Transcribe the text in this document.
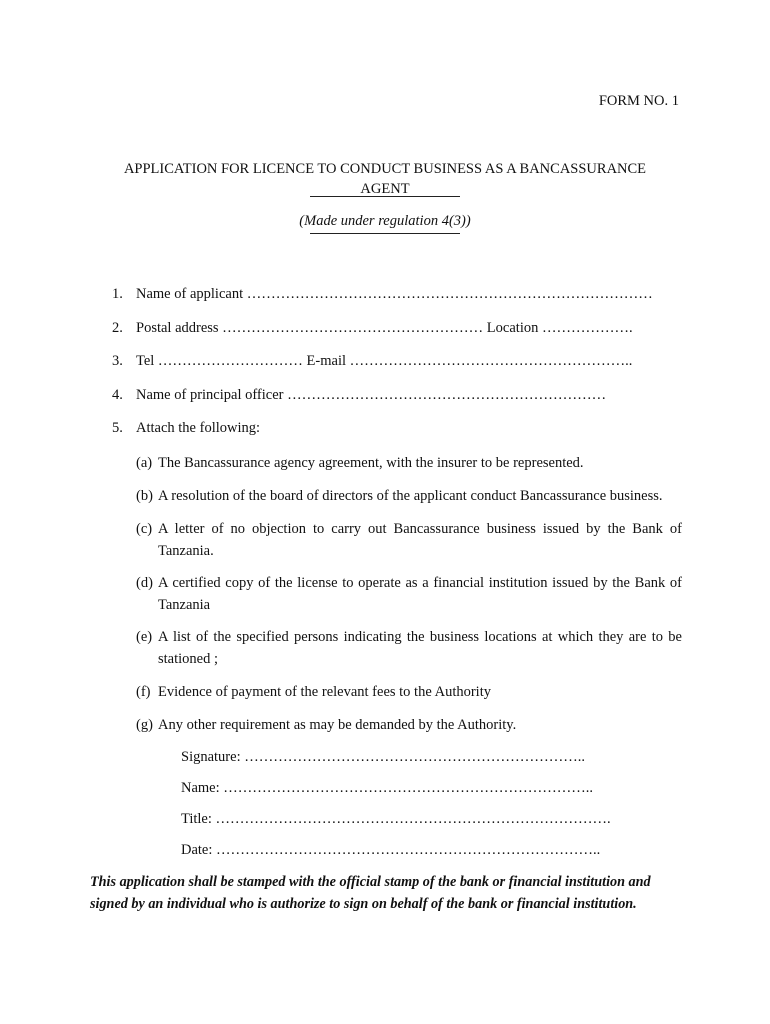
FORM NO. 1
APPLICATION FOR LICENCE TO CONDUCT BUSINESS AS A BANCASSURANCE
AGENT
(Made under regulation 4(3))
1. Name of applicant …………………………………………………………………………
2. Postal address ……………………………………………… Location ……………….
3. Tel ………………………… E-mail …………………………………………………..
4. Name of principal officer …………………………………………………………
5. Attach the following:
(a) The Bancassurance agency agreement, with the insurer to be represented.
(b) A resolution of the board of directors of the applicant conduct Bancassurance business.
(c) A letter of no objection to carry out Bancassurance business issued by the Bank of Tanzania.
(d) A certified copy of the license to operate as a financial institution issued by the Bank of Tanzania
(e) A list of the specified persons indicating the business locations at which they are to be stationed ;
(f) Evidence of payment of the relevant fees to the Authority
(g) Any other requirement as may be demanded by the Authority.
Signature: ……………………………………………………………..
Name: …………………………………………………………………..
Title: ……………………………………………………………………….
Date: ……………………………………………………………………..
This application shall be stamped with the official stamp of the bank or financial institution and signed by an individual who is authorize to sign on behalf of the bank or financial institution.
